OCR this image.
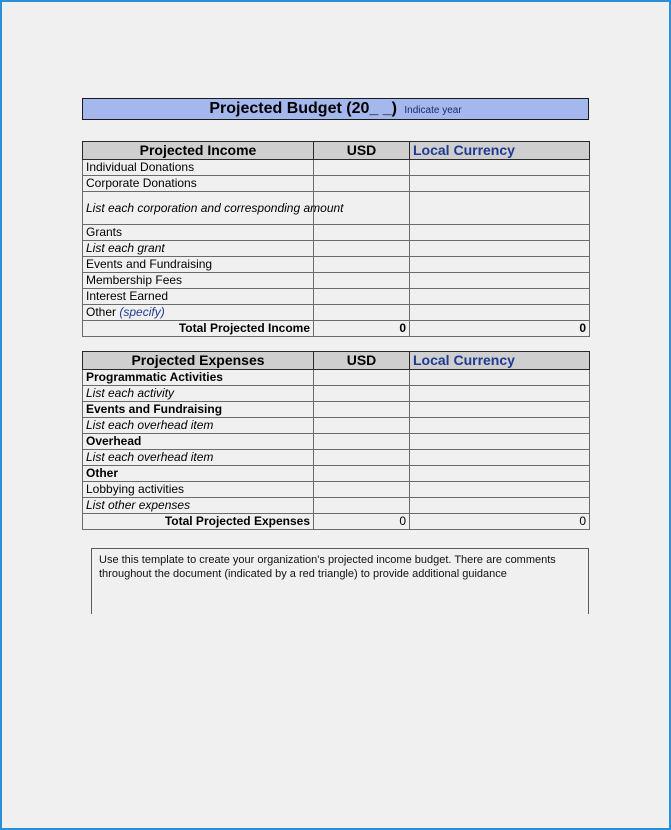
Projected Budget (20_ _) Indicate year
Projected Income	USD	Local Currency
Individual Donations		
Corporate Donations		
List each corporation and corresponding amount		
Grants		
List each grant		
Events and Fundraising		
Membership Fees		
Interest Earned		
Other (specify)		
Total Projected Income	0	0
Projected Expenses	USD	Local Currency
Programmatic Activities		
List each activity		
Events and Fundraising		
List each overhead item		
Overhead		
List each overhead item		
Other		
Lobbying activities		
List other expenses		
Total Projected Expenses	0	0
Use this template to create your organization's projected income budget. There are comments throughout the document (indicated by a red triangle) to provide additional guidance
